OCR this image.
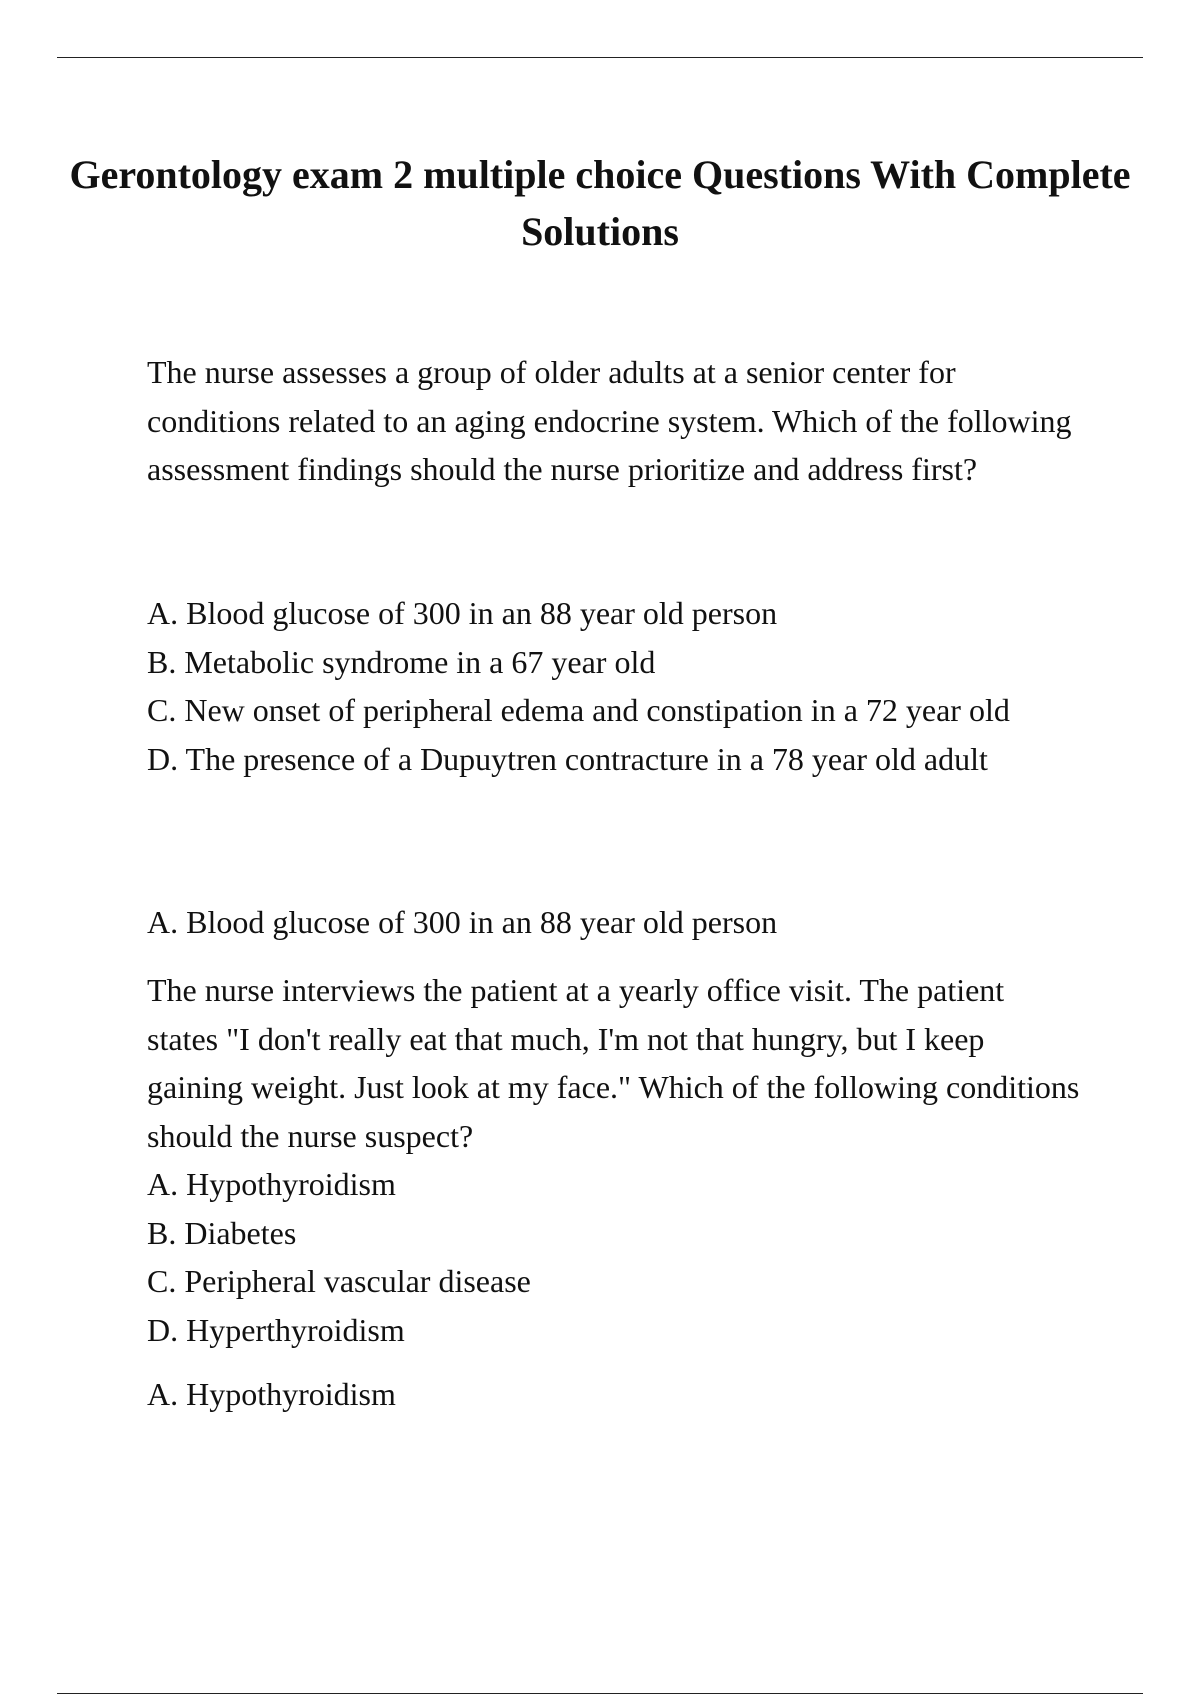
Gerontology exam 2 multiple choice Questions With Complete Solutions
The nurse assesses a group of older adults at a senior center for conditions related to an aging endocrine system. Which of the following assessment findings should the nurse prioritize and address first?
A. Blood glucose of 300 in an 88 year old person
B. Metabolic syndrome in a 67 year old
C. New onset of peripheral edema and constipation in a 72 year old
D. The presence of a Dupuytren contracture in a 78 year old adult
A. Blood glucose of 300 in an 88 year old person
The nurse interviews the patient at a yearly office visit. The patient states "I don't really eat that much, I'm not that hungry, but I keep gaining weight. Just look at my face." Which of the following conditions should the nurse suspect?
A. Hypothyroidism
B. Diabetes
C. Peripheral vascular disease
D. Hyperthyroidism
A. Hypothyroidism
